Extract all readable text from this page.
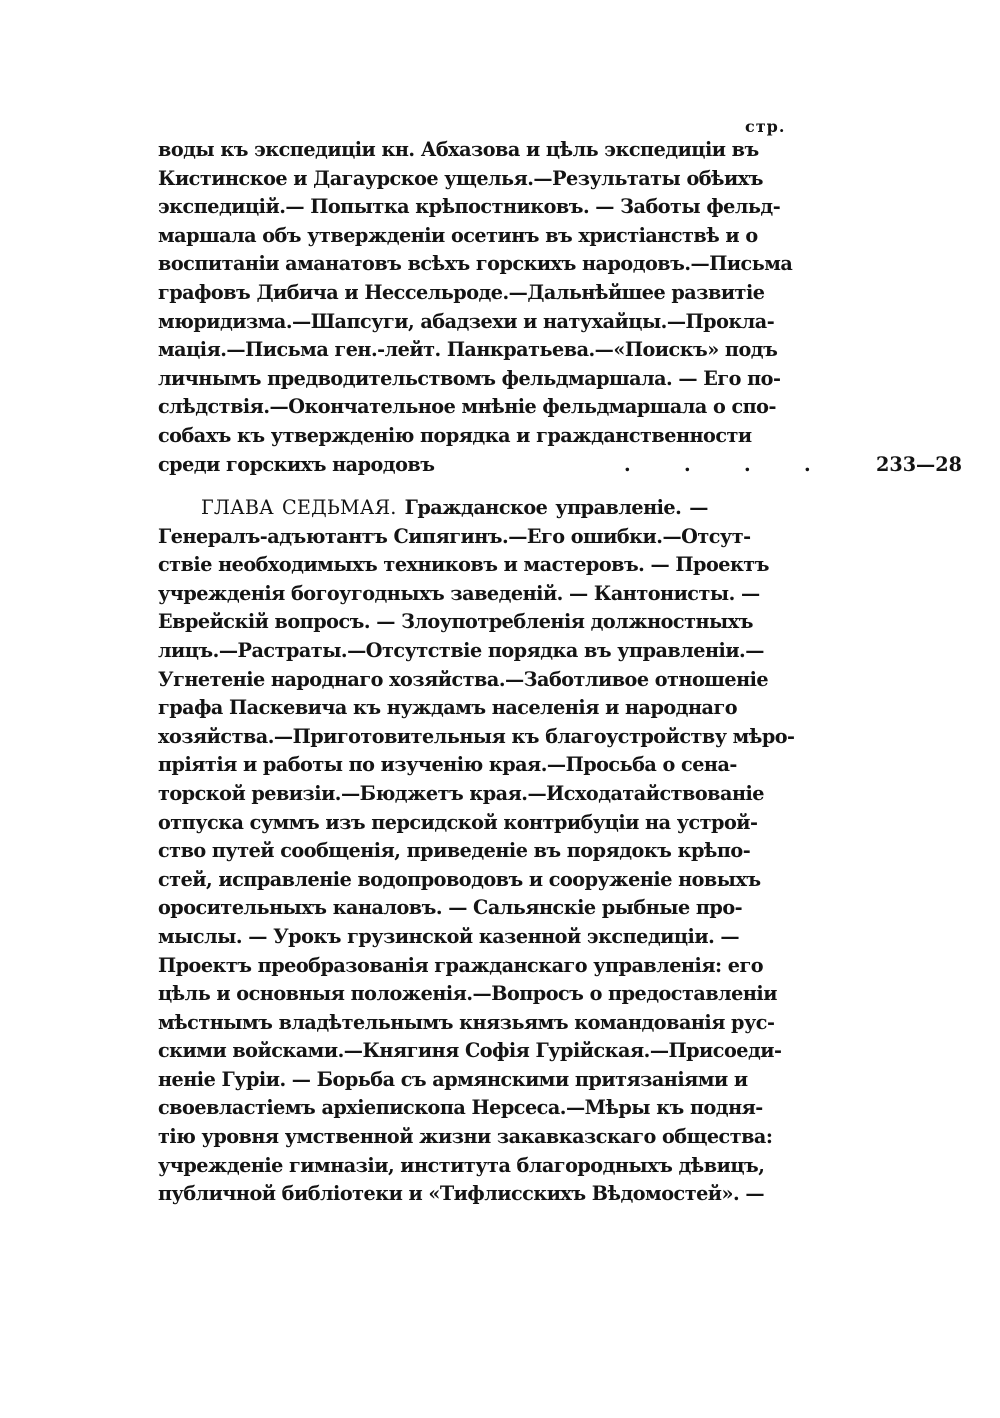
стр.
воды къ экспедиціи кн. Абхазова и цѣль экспедиціи въ
Кистинское и Дагаурское ущелья.—Результаты обѣихъ
экспедицій.— Попытка крѣпостниковъ. — Заботы фельд-
маршала объ утвержденіи осетинъ въ христіанствѣ и о
воспитаніи аманатовъ всѣхъ горскихъ народовъ.—Письма
графовъ Дибича и Нессельроде.—Дальнѣйшее развитіе
мюридизма.—Шапсуги, абадзехи и натухайцы.—Прокла-
мація.—Письма ген.-лейт. Панкратьева.—«Поискъ» подъ
личнымъ предводительствомъ фельдмаршала. — Его по-
слѣдствія.—Окончательное мнѣніе фельдмаршала о спо-
собахъ къ утвержденію порядка и гражданственности
среди горскихъ народовъ	.	.	.	.	233—28
ГЛАВА СЕДЬМАЯ. Гражданское управленіе. —
Генералъ-адъютантъ Сипягинъ.—Его ошибки.—Отсут-
ствіе необходимыхъ техниковъ и мастеровъ. — Проектъ
учрежденія богоугодныхъ заведеній. — Кантонисты. —
Еврейскій вопросъ. — Злоупотребленія должностныхъ
лицъ.—Растраты.—Отсутствіе порядка въ управленіи.—
Угнетеніе народнаго хозяйства.—Заботливое отношеніе
графа Паскевича къ нуждамъ населенія и народнаго
хозяйства.—Приготовительныя къ благоустройству мѣро-
пріятія и работы по изученію края.—Просьба о сена-
торской ревизіи.—Бюджетъ края.—Исходатайствованіе
отпуска суммъ изъ персидской контрибуціи на устрой-
ство путей сообщенія, приведеніе въ порядокъ крѣпо-
стей, исправленіе водопроводовъ и сооруженіе новыхъ
оросительныхъ каналовъ. — Сальянскіе рыбные про-
мыслы. — Урокъ грузинской казенной экспедиціи. —
Проектъ преобразованія гражданскаго управленія: его
цѣль и основныя положенія.—Вопросъ о предоставленіи
мѣстнымъ владѣтельнымъ князьямъ командованія рус-
скими войсками.—Княгиня Софія Гурійская.—Присоеди-
неніе Гуріи. — Борьба съ армянскими притязаніями и
своевластіемъ архіепископа Нерсеса.—Мѣры къ подня-
тію уровня умственной жизни закавказскаго общества:
учрежденіе гимназіи, института благородныхъ дѣвицъ,
публичной библіотеки и «Тифлисскихъ Вѣдомостей». —
